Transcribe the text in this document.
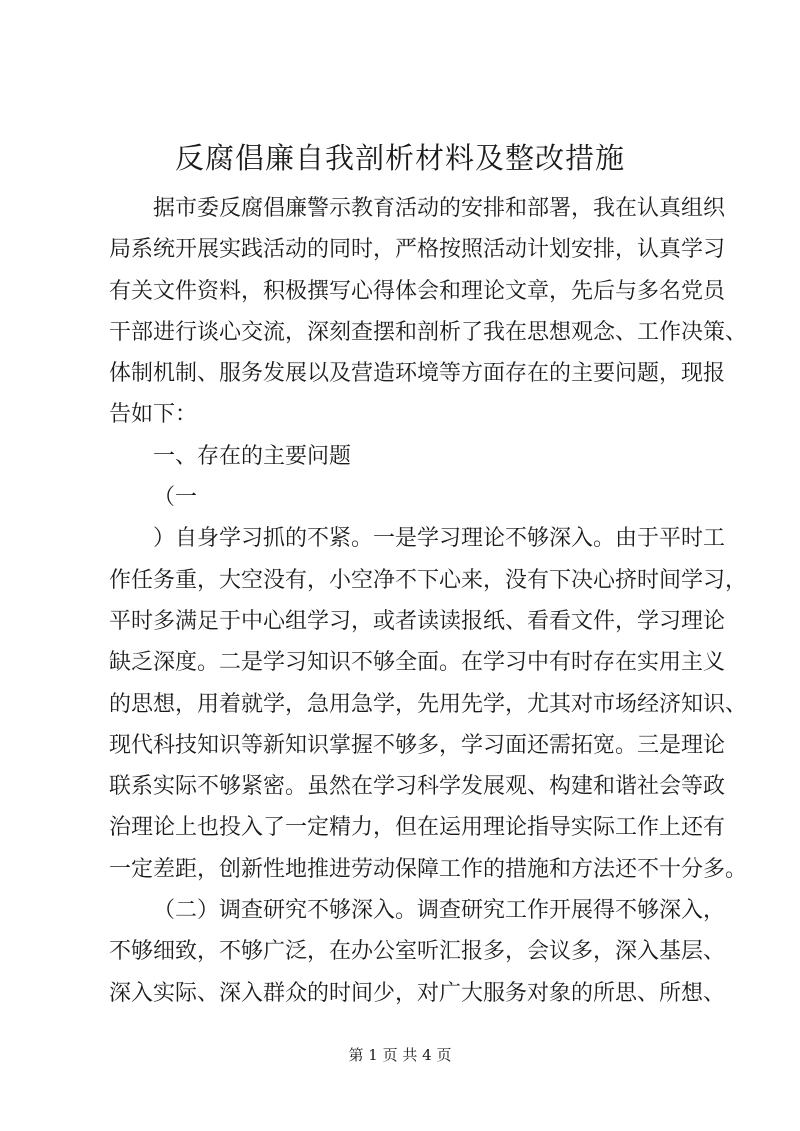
反腐倡廉自我剖析材料及整改措施

据市委反腐倡廉警示教育活动的安排和部署，我在认真组织

局系统开展实践活动的同时，严格按照活动计划安排，认真学习

有关文件资料，积极撰写心得体会和理论文章，先后与多名党员

干部进行谈心交流，深刻查摆和剖析了我在思想观念、工作决策、

体制机制、服务发展以及营造环境等方面存在的主要问题，现报

告如下：

一、存在的主要问题

（一

）自身学习抓的不紧。一是学习理论不够深入。由于平时工

作任务重，大空没有，小空净不下心来，没有下决心挤时间学习，

平时多满足于中心组学习，或者读读报纸、看看文件，学习理论

缺乏深度。二是学习知识不够全面。在学习中有时存在实用主义

的思想，用着就学，急用急学，先用先学，尤其对市场经济知识、

现代科技知识等新知识掌握不够多，学习面还需拓宽。三是理论

联系实际不够紧密。虽然在学习科学发展观、构建和谐社会等政

治理论上也投入了一定精力，但在运用理论指导实际工作上还有

一定差距，创新性地推进劳动保障工作的措施和方法还不十分多。

（二）调查研究不够深入。调查研究工作开展得不够深入，

不够细致，不够广泛，在办公室听汇报多，会议多，深入基层、

深入实际、深入群众的时间少，对广大服务对象的所思、所想、

第 1 页 共 4 页
